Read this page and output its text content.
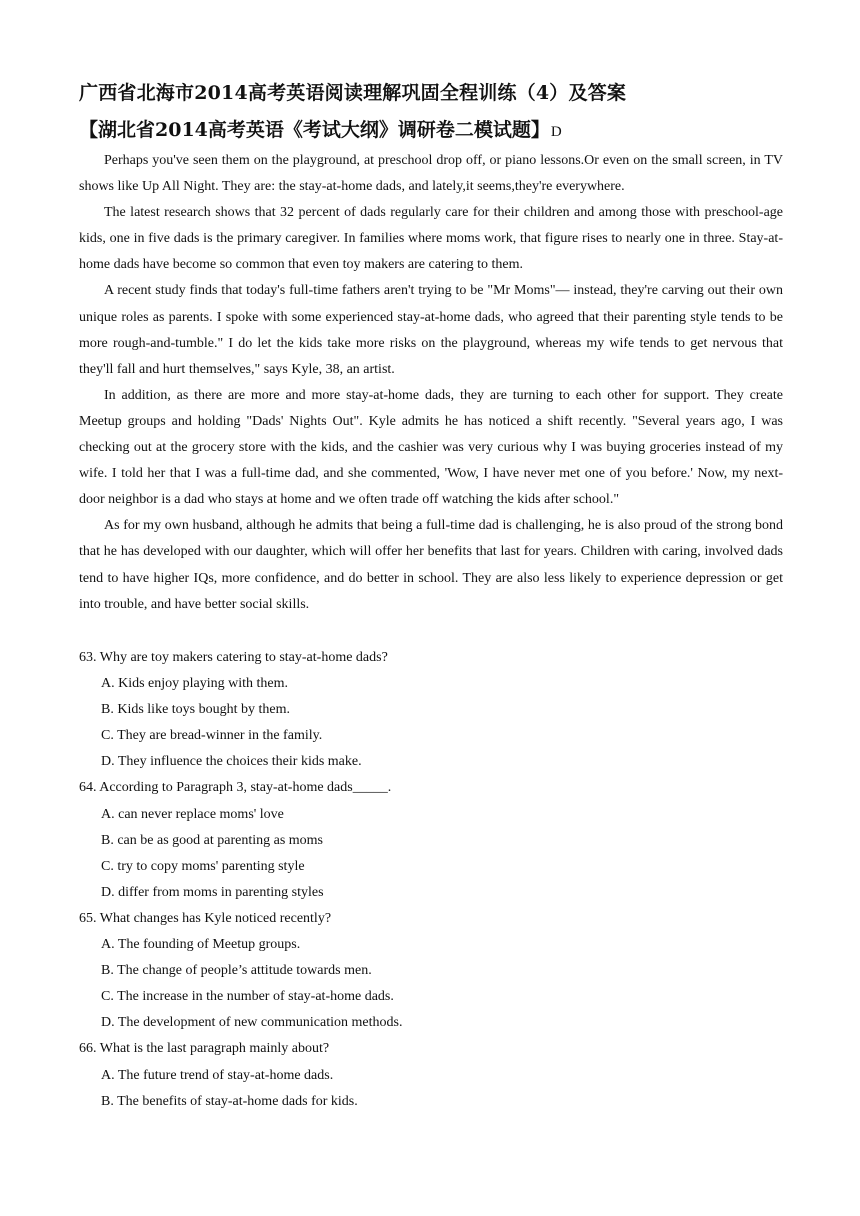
广西省北海市2014高考英语阅读理解巩固全程训练（4）及答案
【湖北省2014高考英语《考试大纲》调研卷二模试题】D

Perhaps you've seen them on the playground, at preschool drop off, or piano lessons.Or even on the small screen, in TV shows like Up All Night. They are: the stay-at-home dads, and lately,it seems,they're everywhere.

The latest research shows that 32 percent of dads regularly care for their children and among those with preschool-age kids, one in five dads is the primary caregiver. In families where moms work, that figure rises to nearly one in three. Stay-at-home dads have become so common that even toy makers are catering to them.

A recent study finds that today's full-time fathers aren't trying to be "Mr Moms"— instead, they're carving out their own unique roles as parents. I spoke with some experienced stay-at-home dads, who agreed that their parenting style tends to be more rough-and-tumble." I do let the kids take more risks on the playground, whereas my wife tends to get nervous that they'll fall and hurt themselves," says Kyle, 38, an artist.

In addition, as there are more and more stay-at-home dads, they are turning to each other for support. They create Meetup groups and holding "Dads' Nights Out". Kyle admits he has noticed a shift recently. "Several years ago, I was checking out at the grocery store with the kids, and the cashier was very curious why I was buying groceries instead of my wife. I told her that I was a full-time dad, and she commented, 'Wow, I have never met one of you before.' Now, my next-door neighbor is a dad who stays at home and we often trade off watching the kids after school."

As for my own husband, although he admits that being a full-time dad is challenging, he is also proud of the strong bond that he has developed with our daughter, which will offer her benefits that last for years. Children with caring, involved dads tend to have higher IQs, more confidence, and do better in school. They are also less likely to experience depression or get into trouble, and have better social skills.

63. Why are toy makers catering to stay-at-home dads?
A. Kids enjoy playing with them.
B. Kids like toys bought by them.
C. They are bread-winner in the family.
D. They influence the choices their kids make.
64. According to Paragraph 3, stay-at-home dads_____.
A. can never replace moms' love
B. can be as good at parenting as moms
C. try to copy moms' parenting style
D. differ from moms in parenting styles
65. What changes has Kyle noticed recently?
A. The founding of Meetup groups.
B. The change of people’s attitude towards men.
C. The increase in the number of stay-at-home dads.
D. The development of new communication methods.
66. What is the last paragraph mainly about?
A. The future trend of stay-at-home dads.
B. The benefits of stay-at-home dads for kids.
